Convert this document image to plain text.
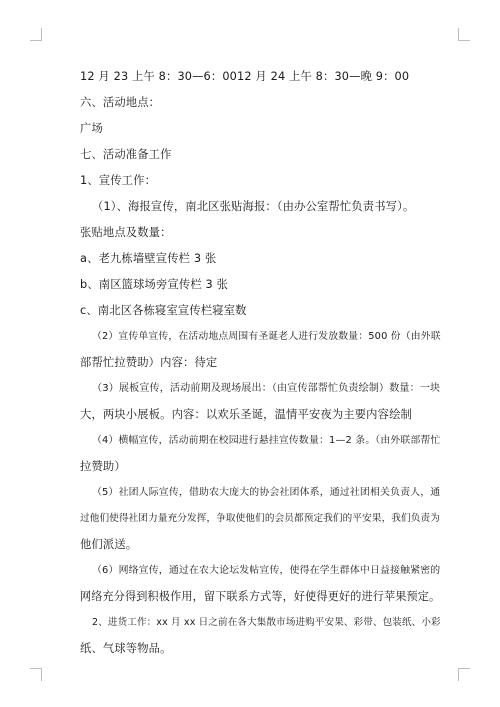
12 月 23 上午 8：30—6：0012 月 24 上午 8：30—晚 9：00
六、活动地点：
广场
七、活动准备工作
1、宣传工作：
（1）、海报宣传，南北区张贴海报：（由办公室帮忙负责书写）。
张贴地点及数量：
a、老九栋墙壁宣传栏 3 张
b、南区篮球场旁宣传栏 3 张
c、南北区各栋寝室宣传栏寝室数
（2）宣传单宣传，在活动地点周围有圣诞老人进行发放数量：500 份（由外联
部帮忙拉赞助）内容：待定
（3）展板宣传，活动前期及现场展出：（由宣传部帮忙负责绘制）数量：一块
大，两块小展板。内容：以欢乐圣诞，温情平安夜为主要内容绘制
（4）横幅宣传，活动前期在校园进行悬挂宣传数量：1—2 条。（由外联部帮忙
拉赞助）
（5）社团人际宣传，借助农大庞大的协会社团体系，通过社团相关负责人，通
过他们使得社团力量充分发挥，争取使他们的会员都预定我们的平安果，我们负责为
他们派送。
（6）网络宣传，通过在农大论坛发帖宣传，使得在学生群体中日益接触紧密的
网络充分得到积极作用，留下联系方式等，好使得更好的进行苹果预定。
2、进货工作：xx 月 xx 日之前在各大集散市场进购平安果、彩带、包装纸、小彩
纸、气球等物品。
